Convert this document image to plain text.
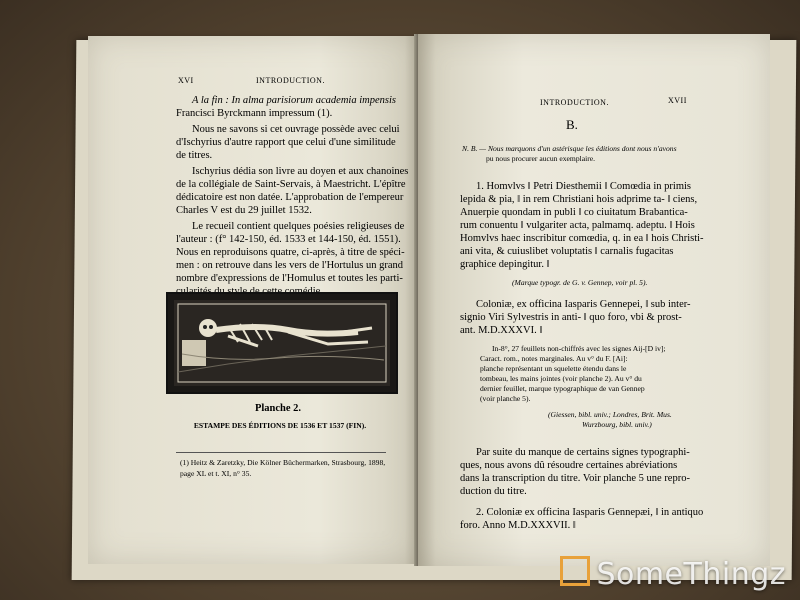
XVI	INTRODUCTION.
A la fin : In alma parisiorum academia impensis
Francisci Byrckmann impressum (1).
Nous ne savons si cet ouvrage possède avec celui
d'Ischyrius d'autre rapport que celui d'une similitude
de titres.
Ischyrius dédia son livre au doyen et aux chanoines
de la collégiale de Saint-Servais, à Maestricht. L'épître
dédicatoire est non datée. L'approbation de l'empereur
Charles V est du 29 juillet 1532.
Le recueil contient quelques poésies religieuses de
l'auteur : (f° 142-150, éd. 1533 et 144-150, éd. 1551).
Nous en reproduisons quatre, ci-après, à titre de spéci-
men : on retrouve dans les vers de l'Hortulus un grand
nombre d'expressions de l'Homulus et toutes les parti-
Planche 2.
ESTAMPE DES ÉDITIONS DE 1536 ET 1537 (FIN).
(1) Heitz & Zaretzky, Die Kölner Büchermarken, Strasbourg, 1898,
page XL et t. XI, n° 35.
INTRODUCTION.	XVII
B.
N. B. — Nous marquons d'un astérisque les éditions dont nous n'avons
pu nous procurer aucun exemplaire.
1. Homvlvs ‖ Petri Diesthemii ‖ Comœdia in primis
lepida & pia, ‖ in rem Christiani hois adprime ta- ‖ ciens,
Anuerpie quondam in publi ‖ co ciuitatum Brabantica-
rum conuentu ‖ vulgariter acta, palmamq. adeptu. ‖ Hois
Homvlvs haec inscribitur comœdia, q. in ea ‖ hois Christi-
ani vita, & cuiuslibet voluptatis ‖ carnalis fugacitas
graphice depingitur. ‖
(Marque typogr. de G. v. Gennep, voir pl. 5).
Coloniæ, ex officina Iasparis Gennepei, ‖ sub inter-
signio Viri Sylvestris in anti- ‖ quo foro, vbi & prost-
ant. M.D.XXXVI. ‖
In-8°, 27 feuillets non-chiffrés avec les signes Aij-[D iv];
Caract. rom., notes marginales. Au v° du F. [Ai]:
planche représentant un squelette étendu dans le
tombeau, les mains jointes (voir planche 2). Au v° du
dernier feuillet, marque typographique de van Gennep
(voir planche 5).
(Giessen, bibl. univ.; Londres, Brit. Mus.
Wurzbourg, bibl. univ.)
Par suite du manque de certains signes typographi-
ques, nous avons dû résoudre certaines abréviations
dans la transcription du titre. Voir planche 5 une repro-
duction du titre.
2. Coloniæ ex officina Iasparis Gennepæi, ‖ in antiquo
foro. Anno M.D.XXXVII. ‖
SomeThingz
